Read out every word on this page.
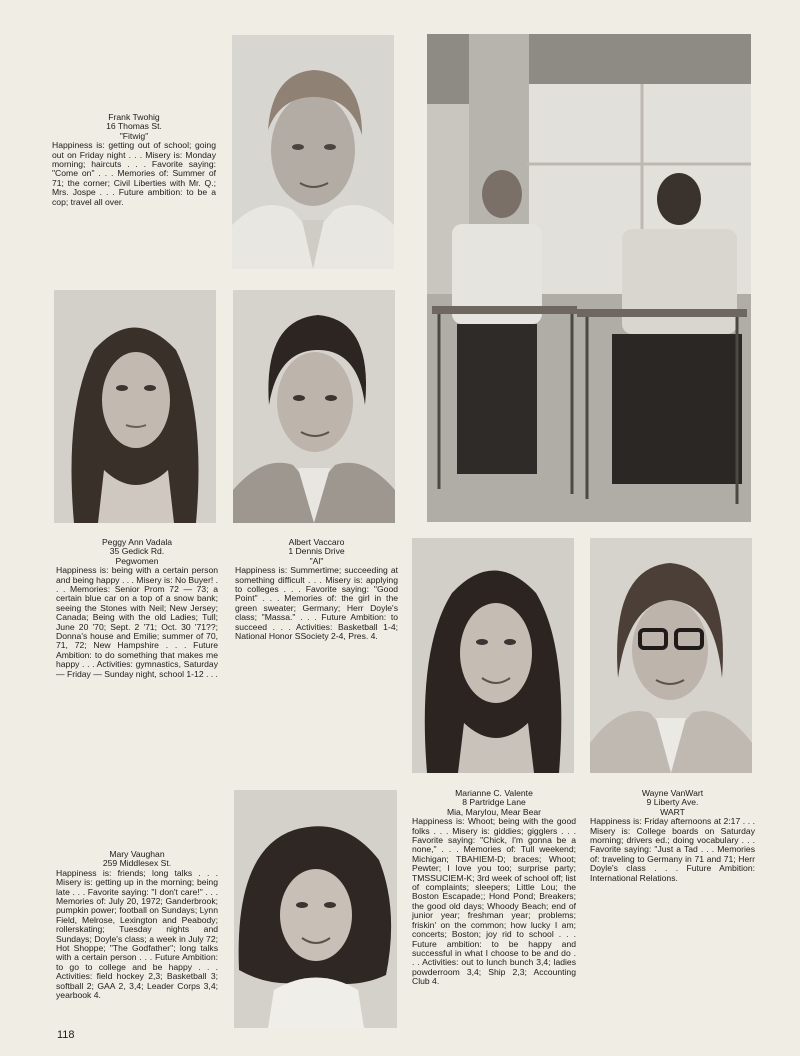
Frank Twohig
16 Thomas St.
"Fitwig"

Happiness is: getting out of school; going out on Friday night . . . Misery is: Monday morning; haircuts . . . Favorite saying: "Come on" . . . Memories of: Summer of 71; the corner; Civil Liberties with Mr. Q.; Mrs. Jospe . . . Future ambition: to be a cop; travel all over.

Peggy Ann Vadala
35 Gedick Rd.
Pegwomen

Happiness is: being with a certain person and being happy . . . Misery is: No Buyer! . . . Memories: Senior Prom 72 — 73; a certain blue car on a top of a snow bank; seeing the Stones with Neil; New Jersey; Canada; Being with the old Ladies; Tull; June 20 '70; Sept. 2 '71; Oct. 30 '71??; Donna's house and Emilie; summer of 70, 71, 72; New Hampshire . . . Future Ambition: to do something that makes me happy . . . Activities: gymnastics, Saturday — Friday — Sunday night, school 1-12 . . .

Albert Vaccaro
1 Dennis Drive
"Al"

Happiness is: Summertime; succeeding at something difficult . . . Misery is: applying to colleges . . . Favorite saying: "Good Point" . . . Memories of: the girl in the green sweater; Germany; Herr Doyle's class; "Massa." . . . Future Ambition: to succeed . . . Activities: Basketball 1-4; National Honor SSociety 2-4, Pres. 4.

Marianne C. Valente
8 Partridge Lane
Mia, Marylou, Mear Bear

Happiness is: Whoot; being with the good folks . . . Misery is: giddies; gigglers . . . Favorite saying: "Chick, I'm gonna be a none," . . . Memories of: Tull weekend; Michigan; TBAHIEM-D; braces; Whoot; Pewter; I love you too; surprise party; TMSSUCIEM-K; 3rd week of school off; list of complaints; sleepers; Little Lou; the Boston Escapade;; Hond Pond; Breakers; the good old days; Whoody Beach; end of junior year; freshman year; problems; friskin' on the common; how lucky I am; concerts; Boston; joy rid to school . . . Future ambition: to be happy and successful in what I choose to be and do . . . Activities: out to lunch bunch 3,4; ladies powderroom 3,4; Ship 2,3; Accounting Club 4.

Wayne VanWart
9 Liberty Ave.
WART

Happiness is: Friday afternoons at 2:17 . . . Misery is: College boards on Saturday morning; drivers ed.; doing vocabulary . . . Favorite saying: "Just a Tad . . . Memories of: traveling to Germany in 71 and 71; Herr Doyle's class . . . Future Ambition: International Relations.

Mary Vaughan
259 Middlesex St.

Happiness is: friends; long talks . . . Misery is: getting up in the morning; being late . . . Favorite saying: "I don't care!" . . . Memories of: July 20, 1972; Ganderbrook; pumpkin power; football on Sundays; Lynn Field, Melrose, Lexington and Peabody; rollerskating; Tuesday nights and Sundays; Doyle's class; a week in July 72; Hot Shoppe; "The Godfather"; long talks with a certain person . . . Future Ambition: to go to college and be happy . . . Activities: field hockey 2,3; Basketball 3; softball 2; GAA 2, 3,4; Leader Corps 3,4; yearbook 4.

118
